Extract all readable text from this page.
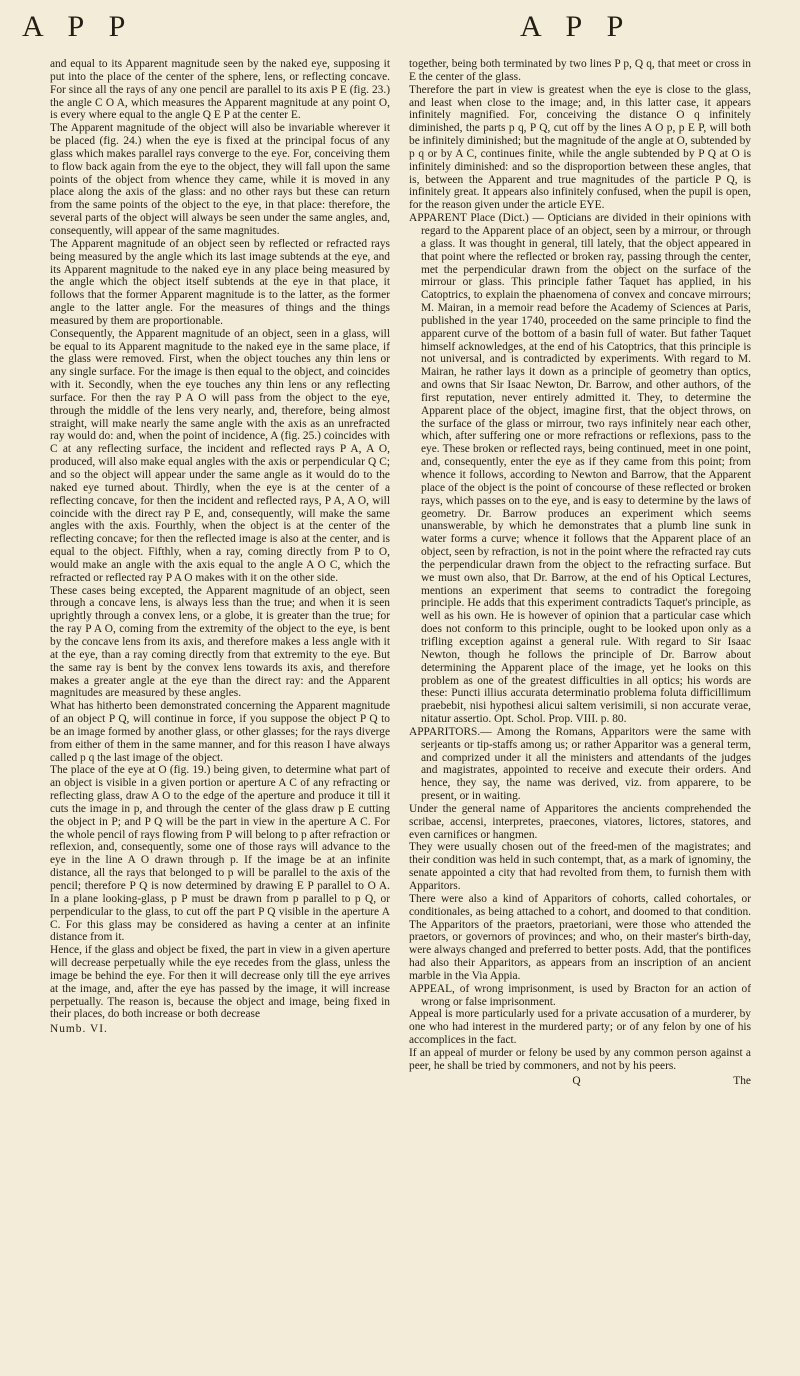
A P P	A P P

and equal to its Apparent magnitude seen by the naked eye, supposing it put into the place of the center of the sphere, lens, or reflecting concave. For since all the rays of any one pencil are parallel to its axis P E (fig. 23.) the angle C O A, which measures the Apparent magnitude at any point O, is every where equal to the angle Q E P at the center E.

The Apparent magnitude of the object will also be invariable wherever it be placed (fig. 24.) when the eye is fixed at the principal focus of any glass which makes parallel rays converge to the eye. For, conceiving them to flow back again from the eye to the object, they will fall upon the same points of the object from whence they came, while it is moved in any place along the axis of the glass: and no other rays but these can return from the same points of the object to the eye, in that place: therefore, the several parts of the object will always be seen under the same angles, and, consequently, will appear of the same magnitudes.

The Apparent magnitude of an object seen by reflected or refracted rays being measured by the angle which its last image subtends at the eye, and its Apparent magnitude to the naked eye in any place being measured by the angle which the object itself subtends at the eye in that place, it follows that the former Apparent magnitude is to the latter, as the former angle to the latter angle. For the measures of things and the things measured by them are proportionable.

Consequently, the Apparent magnitude of an object, seen in a glass, will be equal to its Apparent magnitude to the naked eye in the same place, if the glass were removed. First, when the object touches any thin lens or any single surface. For the image is then equal to the object, and coincides with it. Secondly, when the eye touches any thin lens or any reflecting surface. For then the ray P A O will pass from the object to the eye, through the middle of the lens very nearly, and, therefore, being almost straight, will make nearly the same angle with the axis as an unrefracted ray would do: and, when the point of incidence, A (fig. 25.) coincides with C at any reflecting surface, the incident and reflected rays P A, A O, produced, will also make equal angles with the axis or perpendicular Q C; and so the object will appear under the same angle as it would do to the naked eye turned about. Thirdly, when the eye is at the center of a reflecting concave, for then the incident and reflected rays, P A, A O, will coincide with the direct ray P E, and, consequently, will make the same angles with the axis. Fourthly, when the object is at the center of the reflecting concave; for then the reflected image is also at the center, and is equal to the object. Fifthly, when a ray, coming directly from P to O, would make an angle with the axis equal to the angle A O C, which the refracted or reflected ray P A O makes with it on the other side.

These cases being excepted, the Apparent magnitude of an object, seen through a concave lens, is always less than the true; and when it is seen uprightly through a convex lens, or a globe, it is greater than the true; for the ray P A O, coming from the extremity of the object to the eye, is bent by the concave lens from its axis, and therefore makes a less angle with it at the eye, than a ray coming directly from that extremity to the eye. But the same ray is bent by the convex lens towards its axis, and therefore makes a greater angle at the eye than the direct ray: and the Apparent magnitudes are measured by these angles.

What has hitherto been demonstrated concerning the Apparent magnitude of an object P Q, will continue in force, if you suppose the object P Q to be an image formed by another glass, or other glasses; for the rays diverge from either of them in the same manner, and for this reason I have always called p q the last image of the object.

The place of the eye at O (fig. 19.) being given, to determine what part of an object is visible in a given portion or aperture A C of any refracting or reflecting glass, draw A O to the edge of the aperture and produce it till it cuts the image in p, and through the center of the glass draw p E cutting the object in P; and P Q will be the part in view in the aperture A C. For the whole pencil of rays flowing from P will belong to p after refraction or reflexion, and, consequently, some one of those rays will advance to the eye in the line A O drawn through p. If the image be at an infinite distance, all the rays that belonged to p will be parallel to the axis of the pencil; therefore P Q is now determined by drawing E P parallel to O A. In a plane looking-glass, p P must be drawn from p parallel to p Q, or perpendicular to the glass, to cut off the part P Q visible in the aperture A C. For this glass may be considered as having a center at an infinite distance from it.

Hence, if the glass and object be fixed, the part in view in a given aperture will decrease perpetually while the eye recedes from the glass, unless the image be behind the eye. For then it will decrease only till the eye arrives at the image, and, after the eye has passed by the image, it will increase perpetually. The reason is, because the object and image, being fixed in their places, do both increase or both decrease

Numb. VI.

together, being both terminated by two lines P p, Q q, that meet or cross in E the center of the glass.

Therefore the part in view is greatest when the eye is close to the glass, and least when close to the image; and, in this latter case, it appears infinitely magnified. For, conceiving the distance O q infinitely diminished, the parts p q, P Q, cut off by the lines A O p, p E P, will both be infinitely diminished; but the magnitude of the angle at O, subtended by p q or by A C, continues finite, while the angle subtended by P Q at O is infinitely diminished: and so the disproportion between these angles, that is, between the Apparent and true magnitudes of the particle P Q, is infinitely great. It appears also infinitely confused, when the pupil is open, for the reason given under the article EYE.

APPARENT Place (Dict.) — Opticians are divided in their opinions with regard to the Apparent place of an object, seen by a mirrour, or through a glass. It was thought in general, till lately, that the object appeared in that point where the reflected or broken ray, passing through the center, met the perpendicular drawn from the object on the surface of the mirrour or glass. This principle father Taquet has applied, in his Catoptrics, to explain the phaenomena of convex and concave mirrours; M. Mairan, in a memoir read before the Academy of Sciences at Paris, published in the year 1740, proceeded on the same principle to find the apparent curve of the bottom of a basin full of water. But father Taquet himself acknowledges, at the end of his Catoptrics, that this principle is not universal, and is contradicted by experiments. With regard to M. Mairan, he rather lays it down as a principle of geometry than optics, and owns that Sir Isaac Newton, Dr. Barrow, and other authors, of the first reputation, never entirely admitted it. They, to determine the Apparent place of the object, imagine first, that the object throws, on the surface of the glass or mirrour, two rays infinitely near each other, which, after suffering one or more refractions or reflexions, pass to the eye. These broken or reflected rays, being continued, meet in one point, and, consequently, enter the eye as if they came from this point; from whence it follows, according to Newton and Barrow, that the Apparent place of the object is the point of concourse of these reflected or broken rays, which passes on to the eye, and is easy to determine by the laws of geometry. Dr. Barrow produces an experiment which seems unanswerable, by which he demonstrates that a plumb line sunk in water forms a curve; whence it follows that the Apparent place of an object, seen by refraction, is not in the point where the refracted ray cuts the perpendicular drawn from the object to the refracting surface. But we must own also, that Dr. Barrow, at the end of his Optical Lectures, mentions an experiment that seems to contradict the foregoing principle. He adds that this experiment contradicts Taquet's principle, as well as his own. He is however of opinion that a particular case which does not conform to this principle, ought to be looked upon only as a trifling exception against a general rule. With regard to Sir Isaac Newton, though he follows the principle of Dr. Barrow about determining the Apparent place of the image, yet he looks on this problem as one of the greatest difficulties in all optics; his words are these: Puncti illius accurata determinatio problema foluta difficillimum praebebit, nisi hypothesi alicui saltem verisimili, si non accurate verae, nitatur assertio. Opt. Schol. Prop. VIII. p. 80.

APPARITORS.— Among the Romans, Apparitors were the same with serjeants or tip-staffs among us; or rather Apparitor was a general term, and comprized under it all the ministers and attendants of the judges and magistrates, appointed to receive and execute their orders. And hence, they say, the name was derived, viz. from apparere, to be present, or in waiting.

Under the general name of Apparitores the ancients comprehended the scribae, accensi, interpretes, praecones, viatores, lictores, statores, and even carnifices or hangmen.

They were usually chosen out of the freed-men of the magistrates; and their condition was held in such contempt, that, as a mark of ignominy, the senate appointed a city that had revolted from them, to furnish them with Apparitors.

There were also a kind of Apparitors of cohorts, called cohortales, or conditionales, as being attached to a cohort, and doomed to that condition. The Apparitors of the praetors, praetoriani, were those who attended the praetors, or governors of provinces; and who, on their master's birth-day, were always changed and preferred to better posts. Add, that the pontifices had also their Apparitors, as appears from an inscription of an ancient marble in the Via Appia.

APPEAL, of wrong imprisonment, is used by Bracton for an action of wrong or false imprisonment.

Appeal is more particularly used for a private accusation of a murderer, by one who had interest in the murdered party; or of any felon by one of his accomplices in the fact.

If an appeal of murder or felony be used by any common person against a peer, he shall be tried by commoners, and not by his peers.

Q	The
